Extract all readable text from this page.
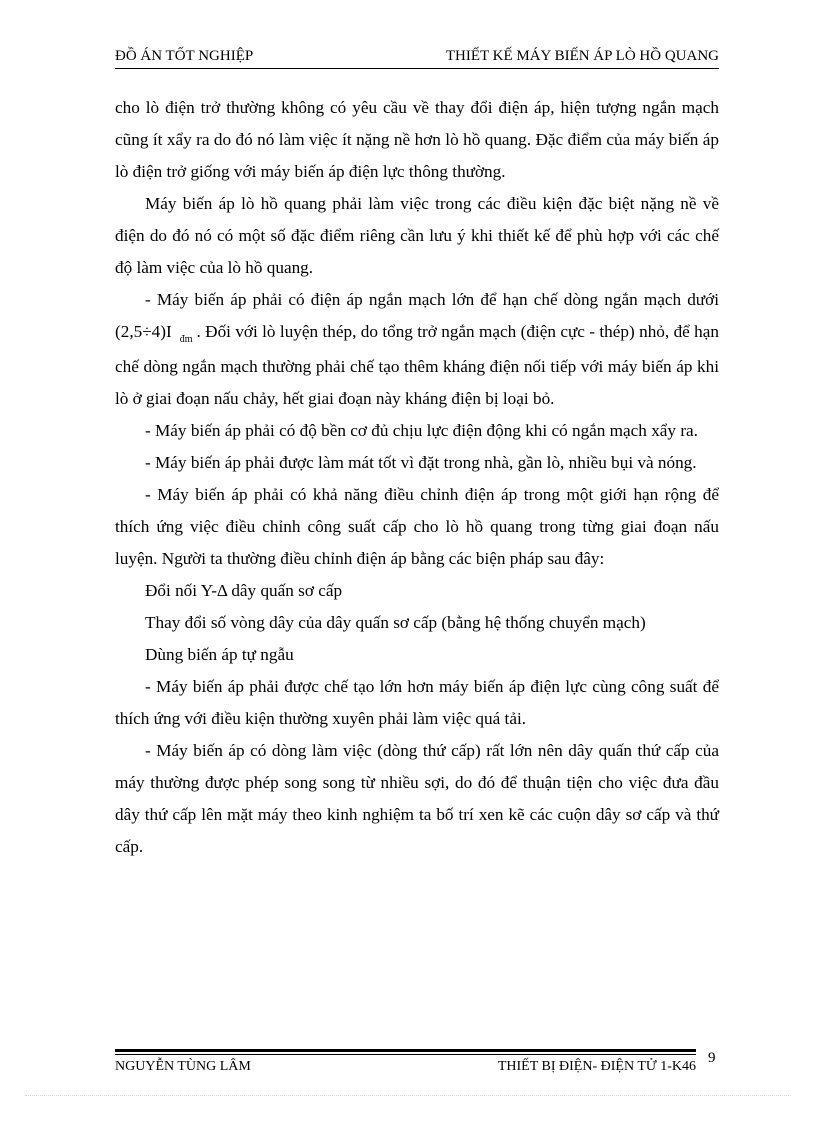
ĐỒ ÁN TỐT NGHIỆP	THIẾT KẾ MÁY BIẾN ÁP LÒ HỒ QUANG

cho lò điện trở thường không có yêu cầu về thay đổi điện áp, hiện tượng ngắn mạch cũng ít xẩy ra do đó nó làm việc ít nặng nề hơn lò hồ quang. Đặc điểm của máy biến áp lò điện trở giống với máy biến áp điện lực thông thường.

Máy biến áp lò hồ quang phải làm việc trong các điều kiện đặc biệt nặng nề về điện do đó nó có một số đặc điểm riêng cần lưu ý khi thiết kế để phù hợp với các chế độ làm việc của lò hồ quang.

- Máy biến áp phải có điện áp ngắn mạch lớn để hạn chế dòng ngắn mạch dưới (2,5÷4)I $_{đm}$ . Đối với lò luyện thép, do tổng trở ngắn mạch (điện cực - thép) nhỏ, để hạn chế dòng ngắn mạch thường phải chế tạo thêm kháng điện nối tiếp với máy biến áp khi lò ở giai đoạn nấu chảy, hết giai đoạn này kháng điện bị loại bỏ.

- Máy biến áp phải có độ bền cơ đủ chịu lực điện động khi có ngắn mạch xẩy ra.

- Máy biến áp phải được làm mát tốt vì đặt trong nhà, gần lò, nhiều bụi và nóng.

- Máy biến áp phải có khả năng điều chỉnh điện áp trong một giới hạn rộng để thích ứng việc điều chỉnh công suất cấp cho lò hồ quang trong từng giai đoạn nấu luyện. Người ta thường điều chỉnh điện áp bằng các biện pháp sau đây:

Đổi nối Y-Δ dây quấn sơ cấp

Thay đổi số vòng dây của dây quấn sơ cấp (bằng hệ thống chuyển mạch)

Dùng biến áp tự ngẫu

- Máy biến áp phải được chế tạo lớn hơn máy biến áp điện lực cùng công suất để thích ứng với điều kiện thường xuyên phải làm việc quá tải.

- Máy biến áp có dòng làm việc (dòng thứ cấp) rất lớn nên dây quấn thứ cấp của máy thường được phép song song từ nhiều sợi, do đó để thuận tiện cho việc đưa đầu dây thứ cấp lên mặt máy theo kinh nghiệm ta bố trí xen kẽ các cuộn dây sơ cấp và thứ cấp.

NGUYỄN TÙNG LÂM	THIẾT BỊ ĐIỆN- ĐIỆN TỬ 1-K46
9
